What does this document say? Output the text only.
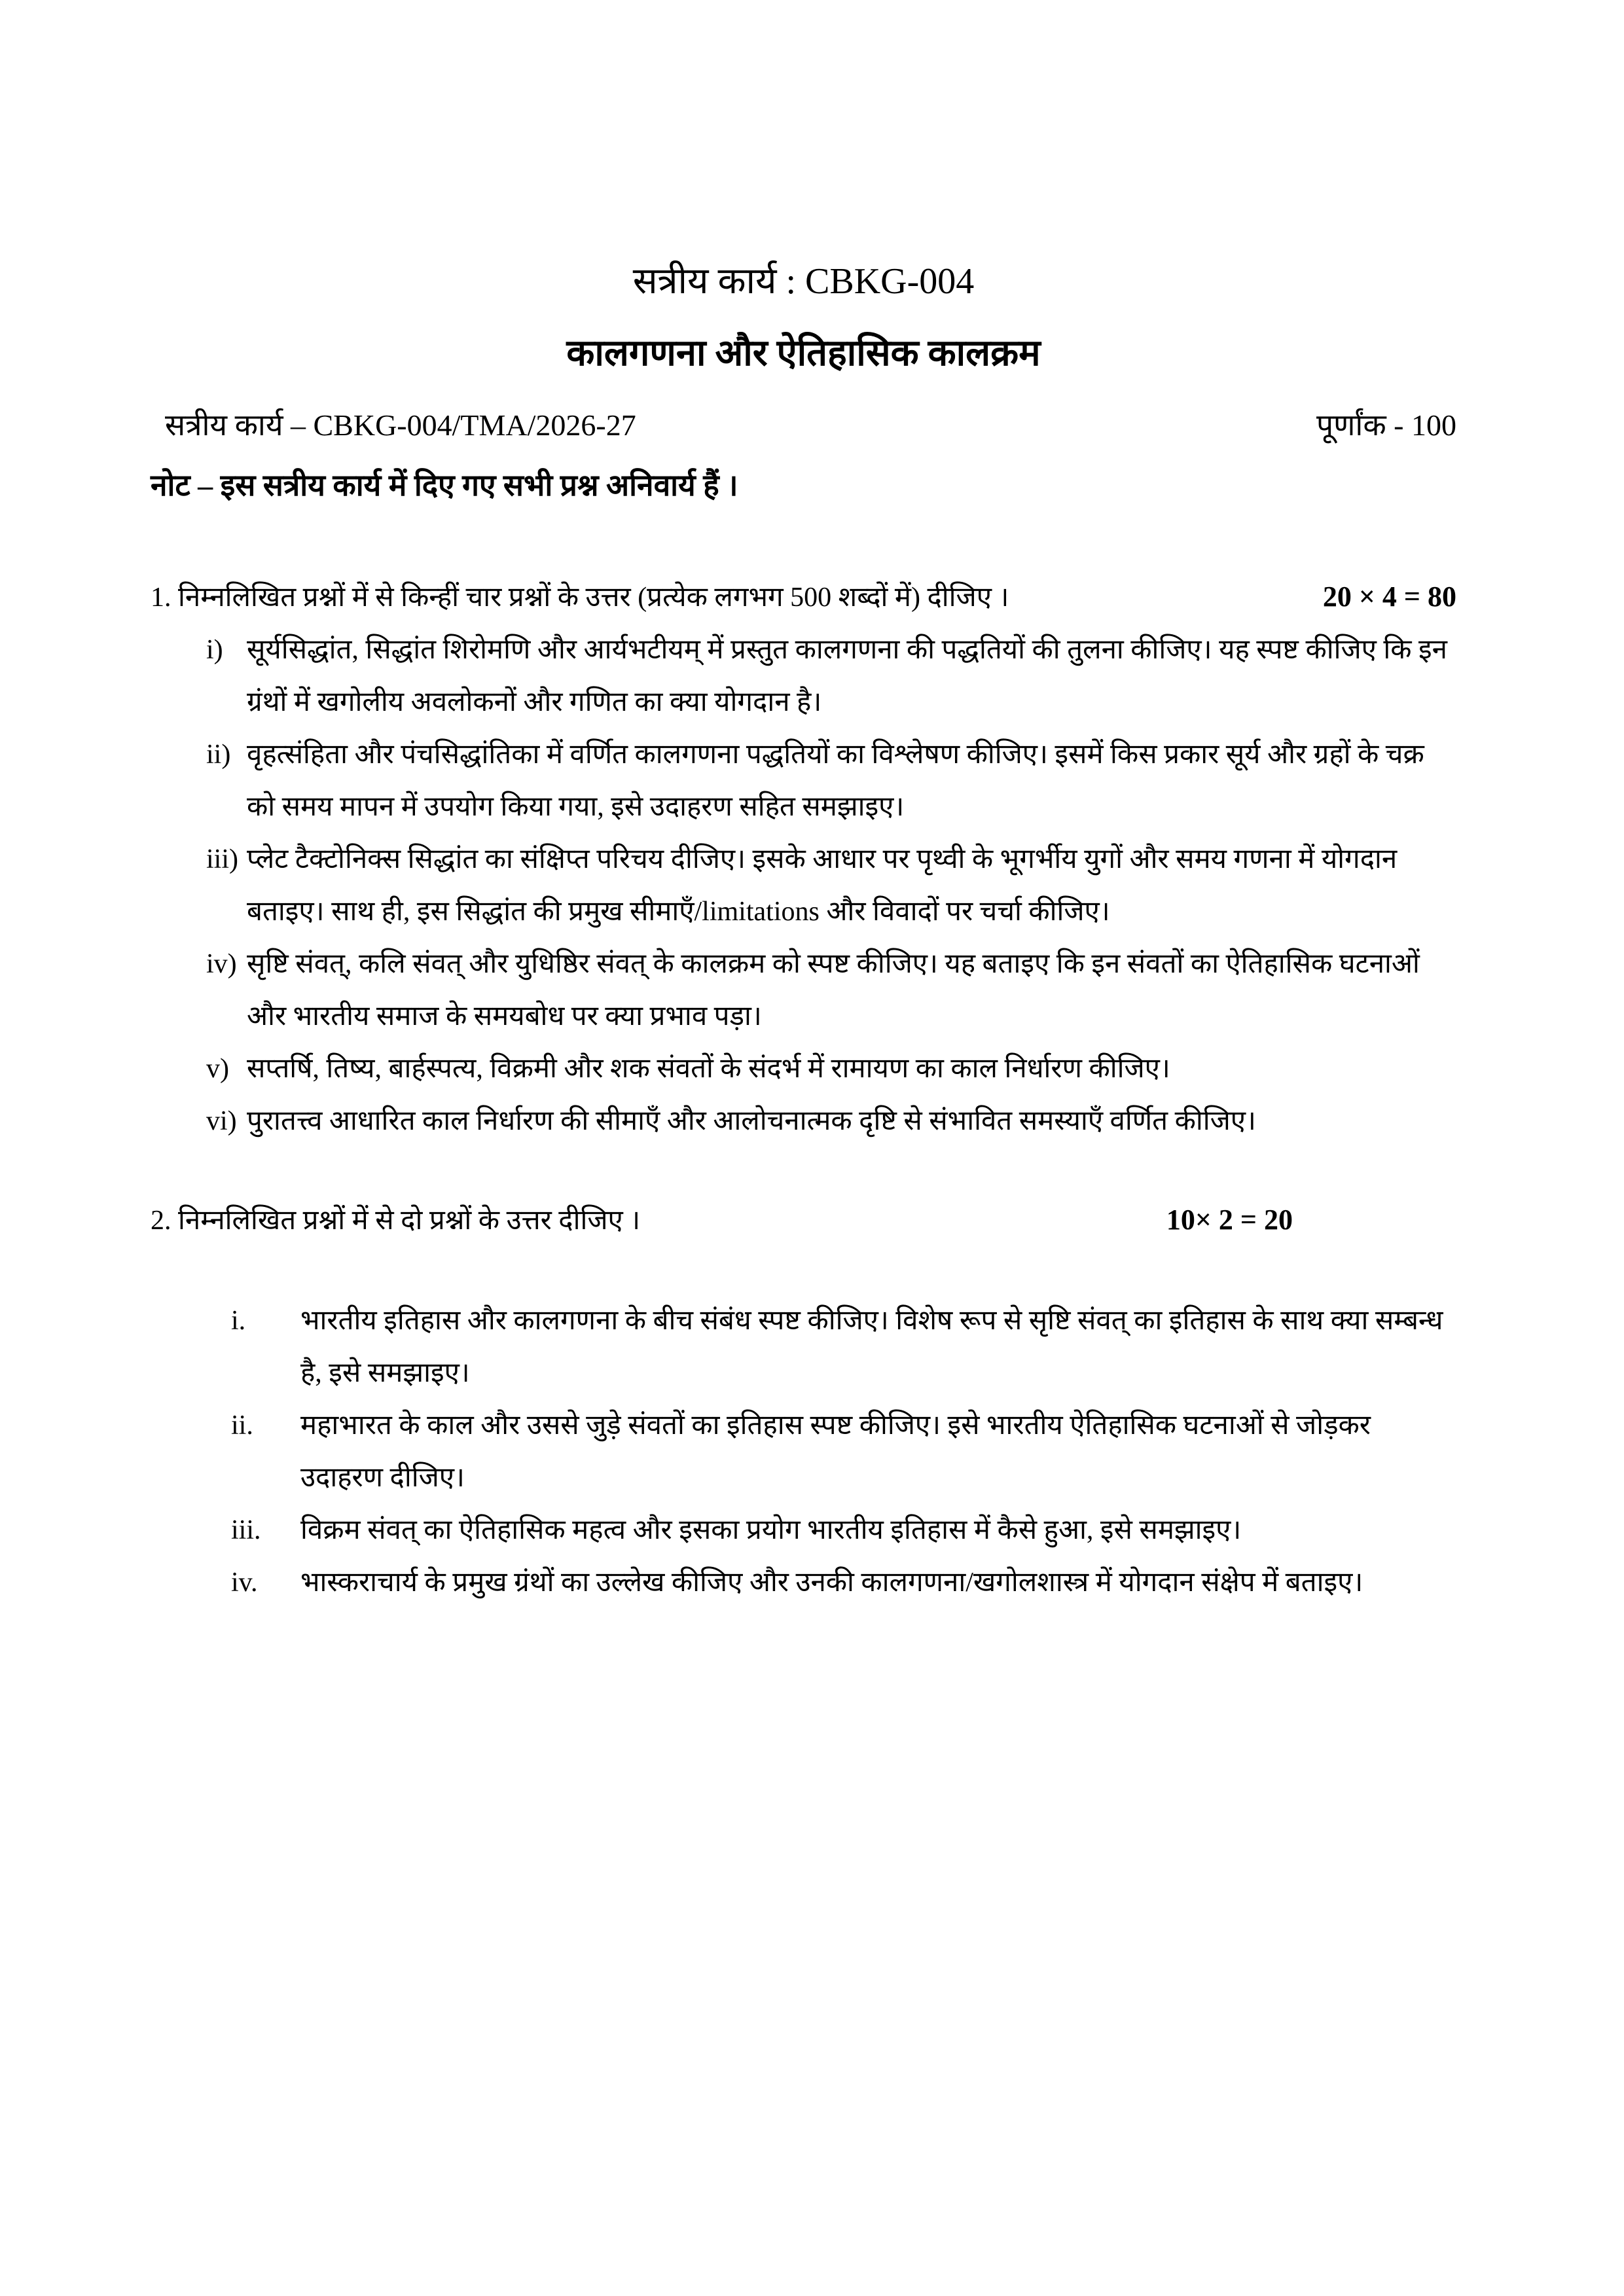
सत्रीय कार्य : CBKG-004
कालगणना और ऐतिहासिक कालक्रम
सत्रीय कार्य – CBKG-004/TMA/2026-27	पूर्णांक - 100
नोट – इस सत्रीय कार्य में दिए गए सभी प्रश्न अनिवार्य हैं ।
1. निम्नलिखित प्रश्नों में से किन्हीं चार प्रश्नों के उत्तर (प्रत्येक लगभग 500 शब्दों में) दीजिए ।	20 × 4 = 80
i) सूर्यसिद्धांत, सिद्धांत शिरोमणि और आर्यभटीयम् में प्रस्तुत कालगणना की पद्धतियों की तुलना कीजिए। यह स्पष्ट कीजिए कि इन ग्रंथों में खगोलीय अवलोकनों और गणित का क्या योगदान है।
ii) वृहत्संहिता और पंचसिद्धांतिका में वर्णित कालगणना पद्धतियों का विश्लेषण कीजिए। इसमें किस प्रकार सूर्य और ग्रहों के चक्र को समय मापन में उपयोग किया गया, इसे उदाहरण सहित समझाइए।
iii) प्लेट टैक्टोनिक्स सिद्धांत का संक्षिप्त परिचय दीजिए। इसके आधार पर पृथ्वी के भूगर्भीय युगों और समय गणना में योगदान बताइए। साथ ही, इस सिद्धांत की प्रमुख सीमाएँ/limitations और विवादों पर चर्चा कीजिए।
iv) सृष्टि संवत्, कलि संवत् और युधिष्ठिर संवत् के कालक्रम को स्पष्ट कीजिए। यह बताइए कि इन संवतों का ऐतिहासिक घटनाओं और भारतीय समाज के समयबोध पर क्या प्रभाव पड़ा।
v) सप्तर्षि, तिष्य, बार्हस्पत्य, विक्रमी और शक संवतों के संदर्भ में रामायण का काल निर्धारण कीजिए।
vi) पुरातत्त्व आधारित काल निर्धारण की सीमाएँ और आलोचनात्मक दृष्टि से संभावित समस्याएँ वर्णित कीजिए।
2. निम्नलिखित प्रश्नों में से दो प्रश्नों के उत्तर दीजिए ।	10× 2 = 20
i.	भारतीय इतिहास और कालगणना के बीच संबंध स्पष्ट कीजिए। विशेष रूप से सृष्टि संवत् का इतिहास के साथ क्या सम्बन्ध है, इसे समझाइए।
ii.	महाभारत के काल और उससे जुड़े संवतों का इतिहास स्पष्ट कीजिए। इसे भारतीय ऐतिहासिक घटनाओं से जोड़कर उदाहरण दीजिए।
iii.	विक्रम संवत् का ऐतिहासिक महत्व और इसका प्रयोग भारतीय इतिहास में कैसे हुआ, इसे समझाइए।
iv.	भास्कराचार्य के प्रमुख ग्रंथों का उल्लेख कीजिए और उनकी कालगणना/खगोलशास्त्र में योगदान संक्षेप में बताइए।
